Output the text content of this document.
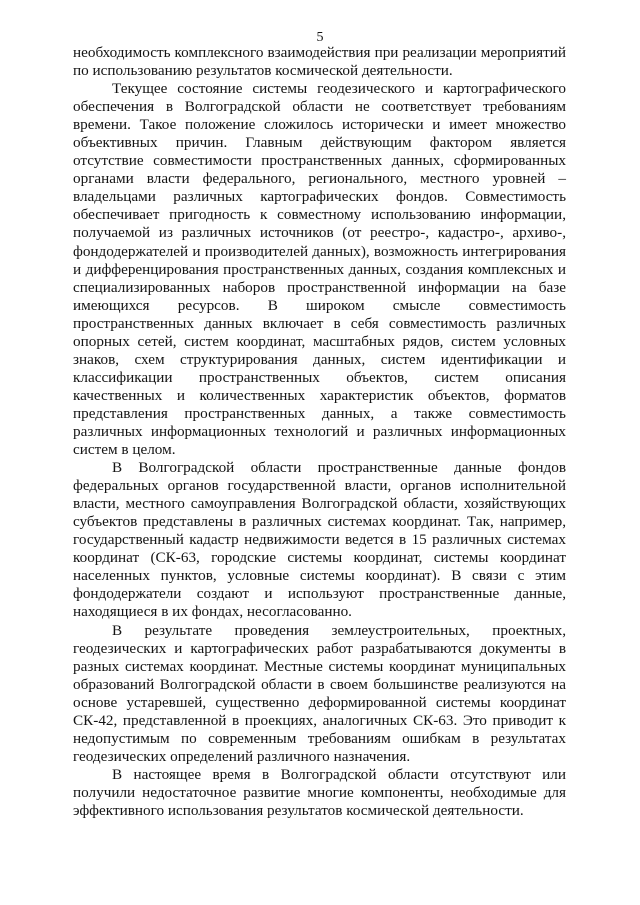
5

необходимость комплексного взаимодействия при реализации мероприятий по использованию результатов космической деятельности.

Текущее состояние системы геодезического и картографического обеспечения в Волгоградской области не соответствует требованиям времени. Такое положение сложилось исторически и имеет множество объективных причин. Главным действующим фактором является отсутствие совместимости пространственных данных, сформированных органами власти федерального, регионального, местного уровней – владельцами различных картографических фондов. Совместимость обеспечивает пригодность к совместному использованию информации, получаемой из различных источников (от реестро-, кадастро-, архиво-, фондодержателей и производителей данных), возможность интегрирования и дифференцирования пространственных данных, создания комплексных и специализированных наборов пространственной информации на базе имеющихся ресурсов. В широком смысле совместимость пространственных данных включает в себя совместимость различных опорных сетей, систем координат, масштабных рядов, систем условных знаков, схем структурирования данных, систем идентификации и классификации пространственных объектов, систем описания качественных и количественных характеристик объектов, форматов представления пространственных данных, а также совместимость различных информационных технологий и различных информационных систем в целом.

В Волгоградской области пространственные данные фондов федеральных органов государственной власти, органов исполнительной власти, местного самоуправления Волгоградской области, хозяйствующих субъектов представлены в различных системах координат. Так, например, государственный кадастр недвижимости ведется в 15 различных системах координат (СК-63, городские системы координат, системы координат населенных пунктов, условные системы координат). В связи с этим фондодержатели создают и используют пространственные данные, находящиеся в их фондах, несогласованно.

В результате проведения землеустроительных, проектных, геодезических и картографических работ разрабатываются документы в разных системах координат. Местные системы координат муниципальных образований Волгоградской области в своем большинстве реализуются на основе устаревшей, существенно деформированной системы координат СК-42, представленной в проекциях, аналогичных СК-63. Это приводит к недопустимым по современным требованиям ошибкам в результатах геодезических определений различного назначения.

В настоящее время в Волгоградской области отсутствуют или получили недостаточное развитие многие компоненты, необходимые для эффективного использования результатов космической деятельности.
